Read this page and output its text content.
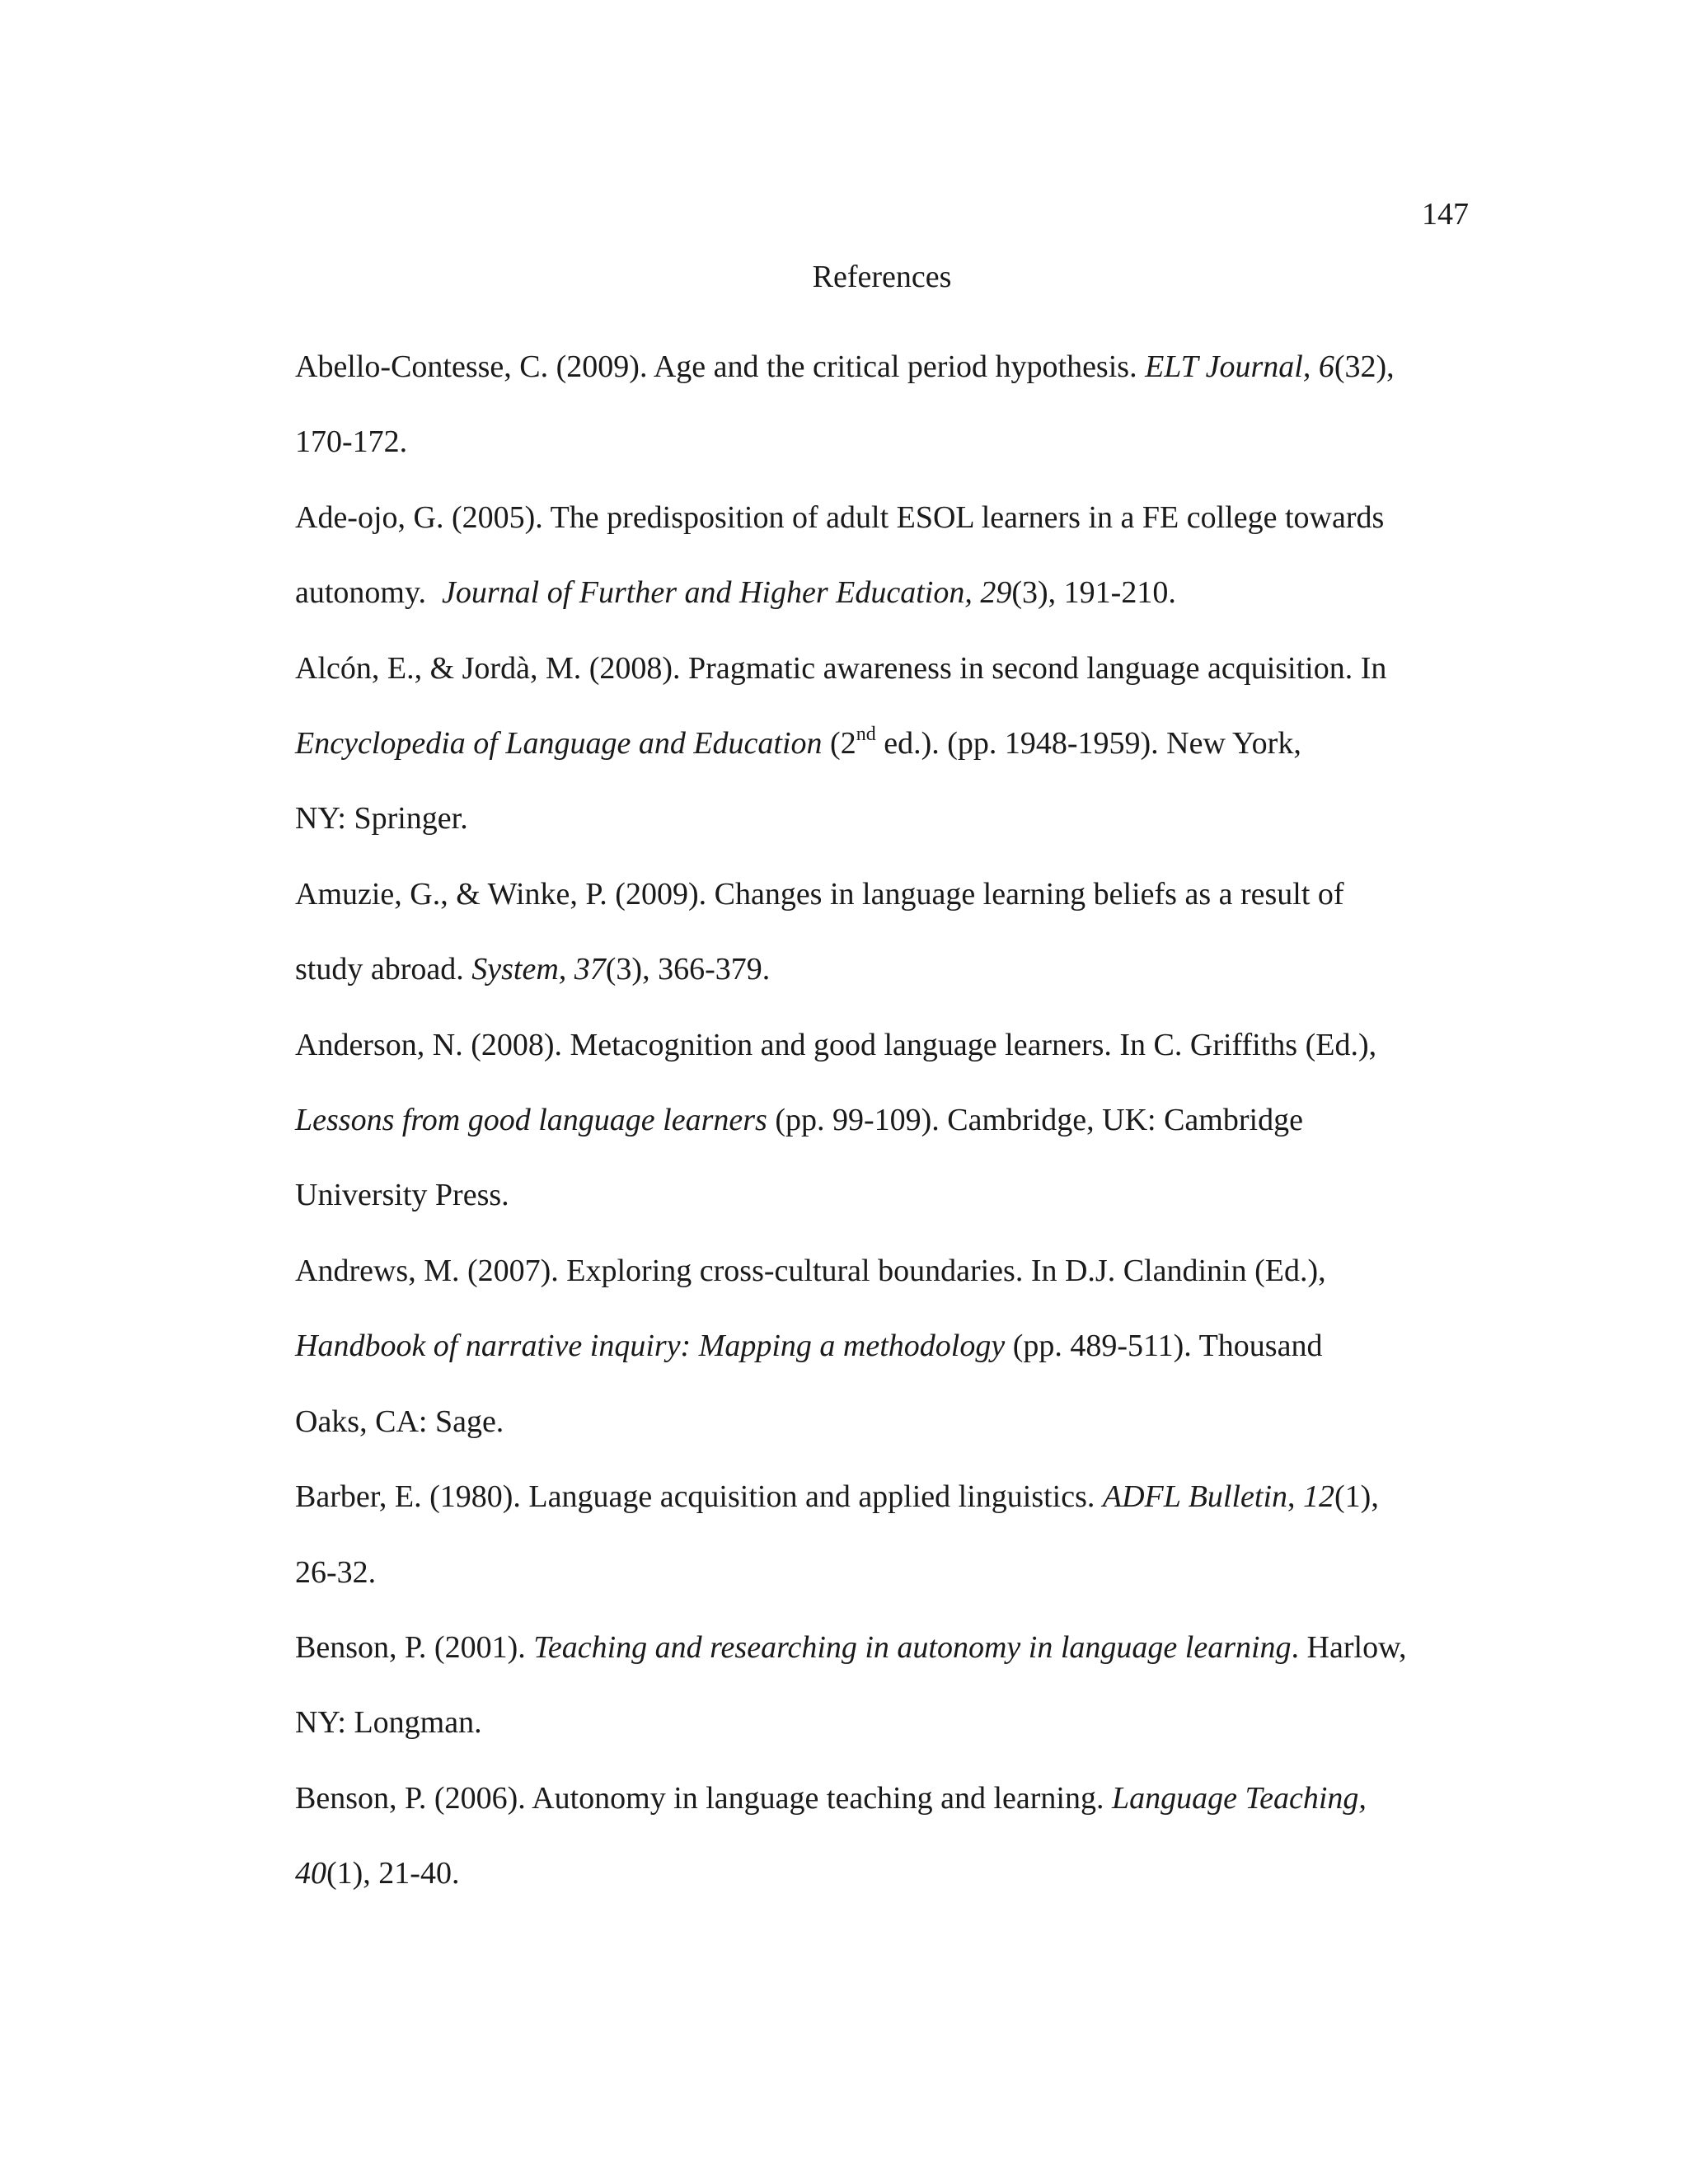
147
References
Abello-Contesse, C. (2009). Age and the critical period hypothesis. ELT Journal, 6(32),
170-172.
Ade-ojo, G. (2005). The predisposition of adult ESOL learners in a FE college towards
autonomy.  Journal of Further and Higher Education, 29(3), 191-210.
Alcón, E., & Jordà, M. (2008). Pragmatic awareness in second language acquisition. In
Encyclopedia of Language and Education (2nd ed.). (pp. 1948-1959). New York,
NY: Springer.
Amuzie, G., & Winke, P. (2009). Changes in language learning beliefs as a result of
study abroad. System, 37(3), 366-379.
Anderson, N. (2008). Metacognition and good language learners. In C. Griffiths (Ed.),
Lessons from good language learners (pp. 99-109). Cambridge, UK: Cambridge
University Press.
Andrews, M. (2007). Exploring cross-cultural boundaries. In D.J. Clandinin (Ed.),
Handbook of narrative inquiry: Mapping a methodology (pp. 489-511). Thousand
Oaks, CA: Sage.
Barber, E. (1980). Language acquisition and applied linguistics. ADFL Bulletin, 12(1),
26-32.
Benson, P. (2001). Teaching and researching in autonomy in language learning. Harlow,
NY: Longman.
Benson, P. (2006). Autonomy in language teaching and learning. Language Teaching,
40(1), 21-40.
